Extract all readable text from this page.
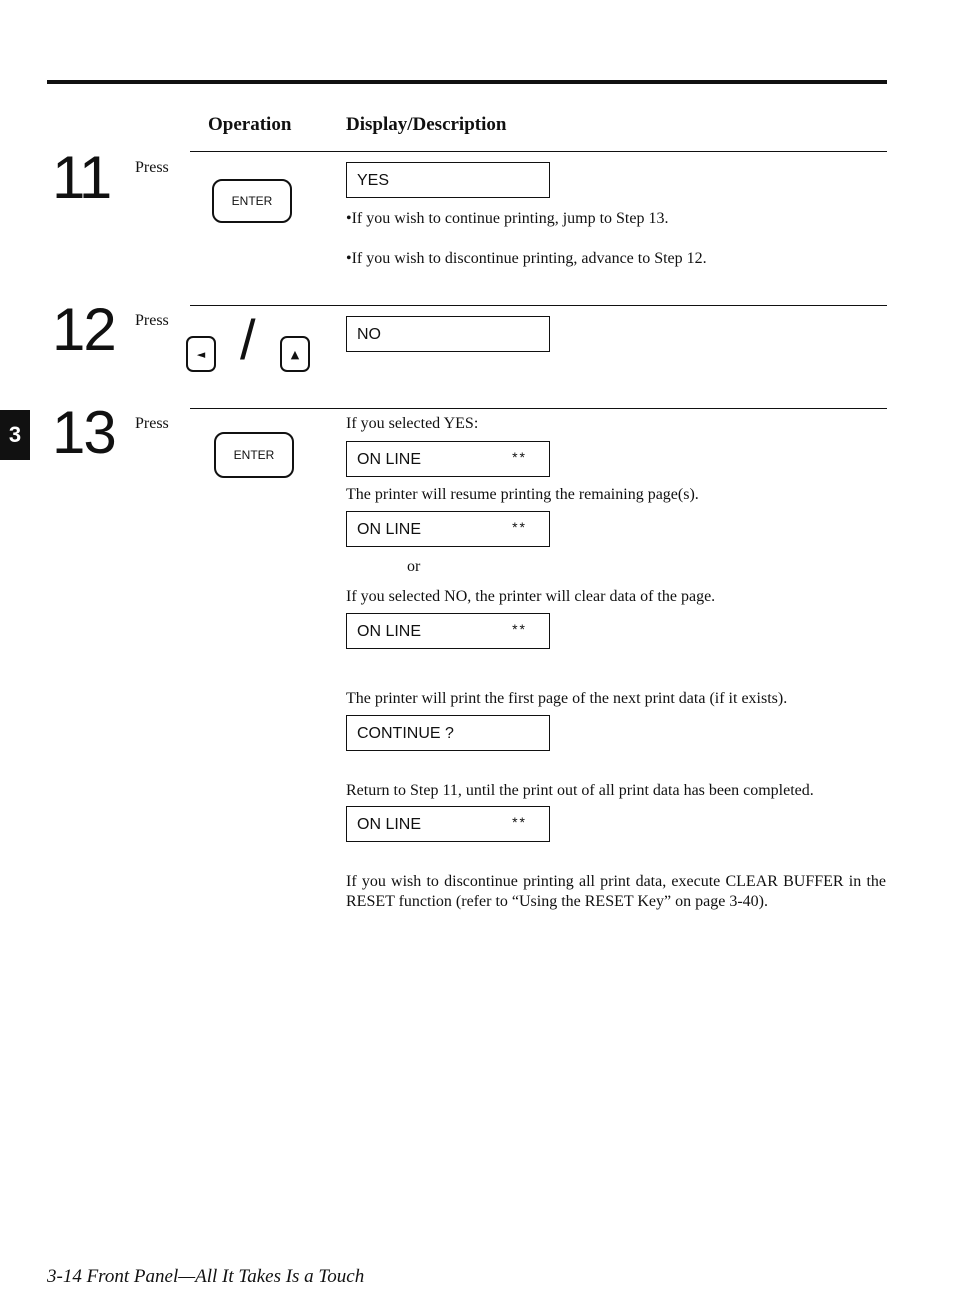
Operation	Display/Description
3
11 Press
ENTER
YES
•If you wish to continue printing, jump to Step 13.
•If you wish to discontinue printing, advance to Step 12.
12 Press
◄ /	▲
NO
13 Press
ENTER
If you selected YES:
ON LINE	**
The printer will resume printing the remaining page(s).
ON LINE	**
or
If you selected NO, the printer will clear data of the page.
ON LINE	**
The printer will print the first page of the next print data (if it exists).
CONTINUE ?
Return to Step 11, until the print out of all print data has been completed.
ON LINE	**
If you wish to discontinue printing all print data, execute CLEAR BUFFER in the RESET function (refer to “Using the RESET Key” on page 3-40).
3-14 Front Panel—All It Takes Is a Touch
